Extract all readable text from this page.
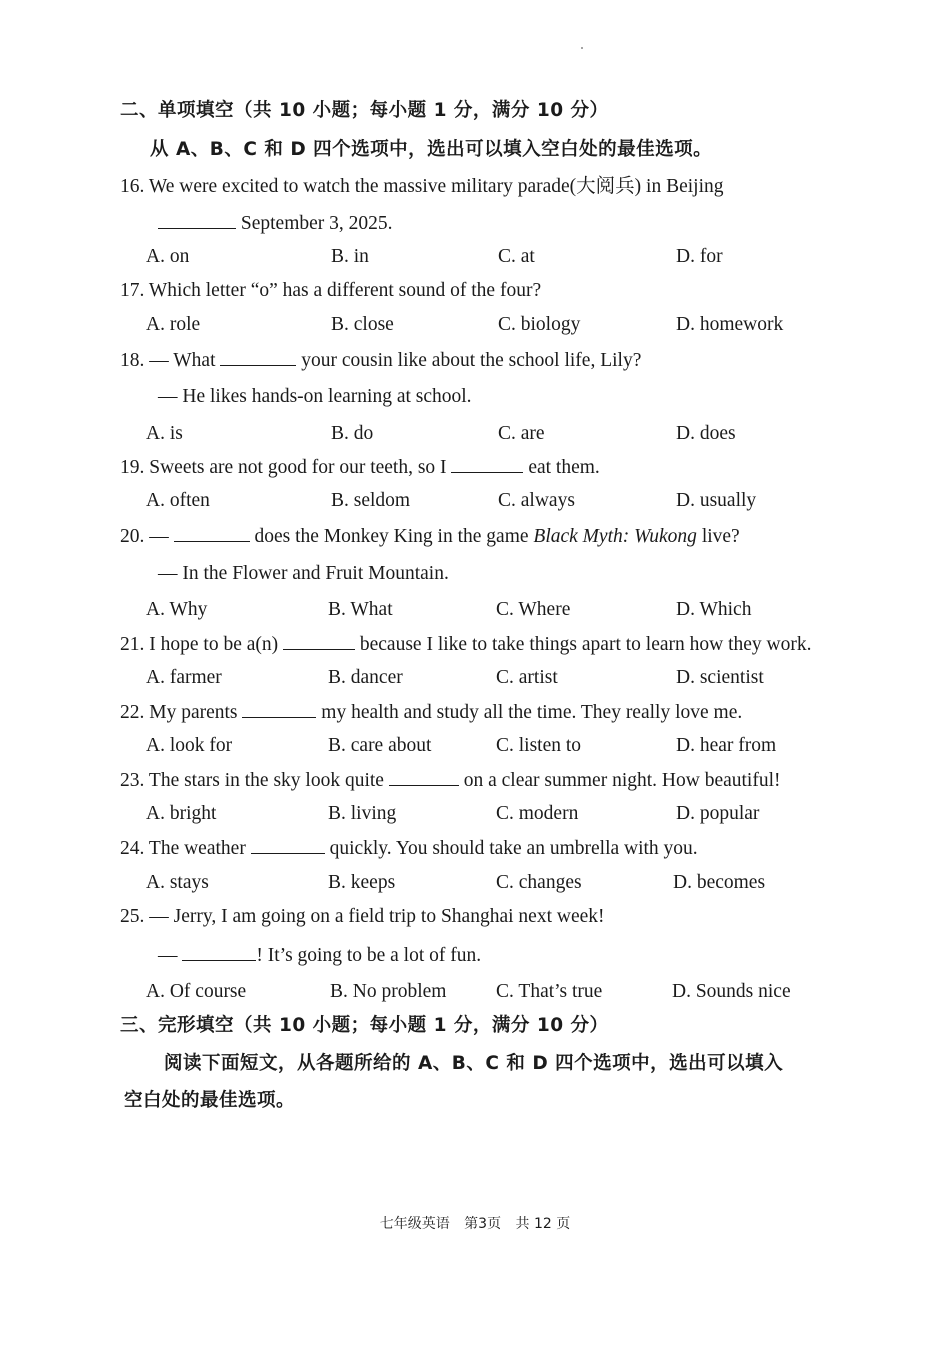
二、单项填空（共 10 小题；每小题 1 分，满分 10 分）
从 A、B、C 和 D 四个选项中，选出可以填入空白处的最佳选项。
16. We were excited to watch the massive military parade(大阅兵) in Beijing
September 3, 2025.
A. on	B. in	C. at	D. for
17. Which letter “o” has a different sound of the four?
A. role	B. close	C. biology	D. homework
18. — What	your cousin like about the school life, Lily?
— He likes hands-on learning at school.
A. is	B. do	C. are	D. does
19. Sweets are not good for our teeth, so I	eat them.
A. often	B. seldom	C. always	D. usually
20. —	does the Monkey King in the game Black Myth: Wukong live?
— In the Flower and Fruit Mountain.
A. Why	B. What	C. Where	D. Which
21. I hope to be a(n)	because I like to take things apart to learn how they work.
A. farmer	B. dancer	C. artist	D. scientist
22. My parents	my health and study all the time. They really love me.
A. look for	B. care about	C. listen to	D. hear from
23. The stars in the sky look quite	on a clear summer night. How beautiful!
A. bright	B. living	C. modern	D. popular
24. The weather	quickly. You should take an umbrella with you.
A. stays	B. keeps	C. changes	D. becomes
25. — Jerry, I am going on a field trip to Shanghai next week!
—	! It’s going to be a lot of fun.
A. Of course	B. No problem	C. That’s true	D. Sounds nice
三、完形填空（共 10 小题；每小题 1 分，满分 10 分）
阅读下面短文，从各题所给的 A、B、C 和 D 四个选项中，选出可以填入
空白处的最佳选项。
七年级英语 第3页 共 12 页
